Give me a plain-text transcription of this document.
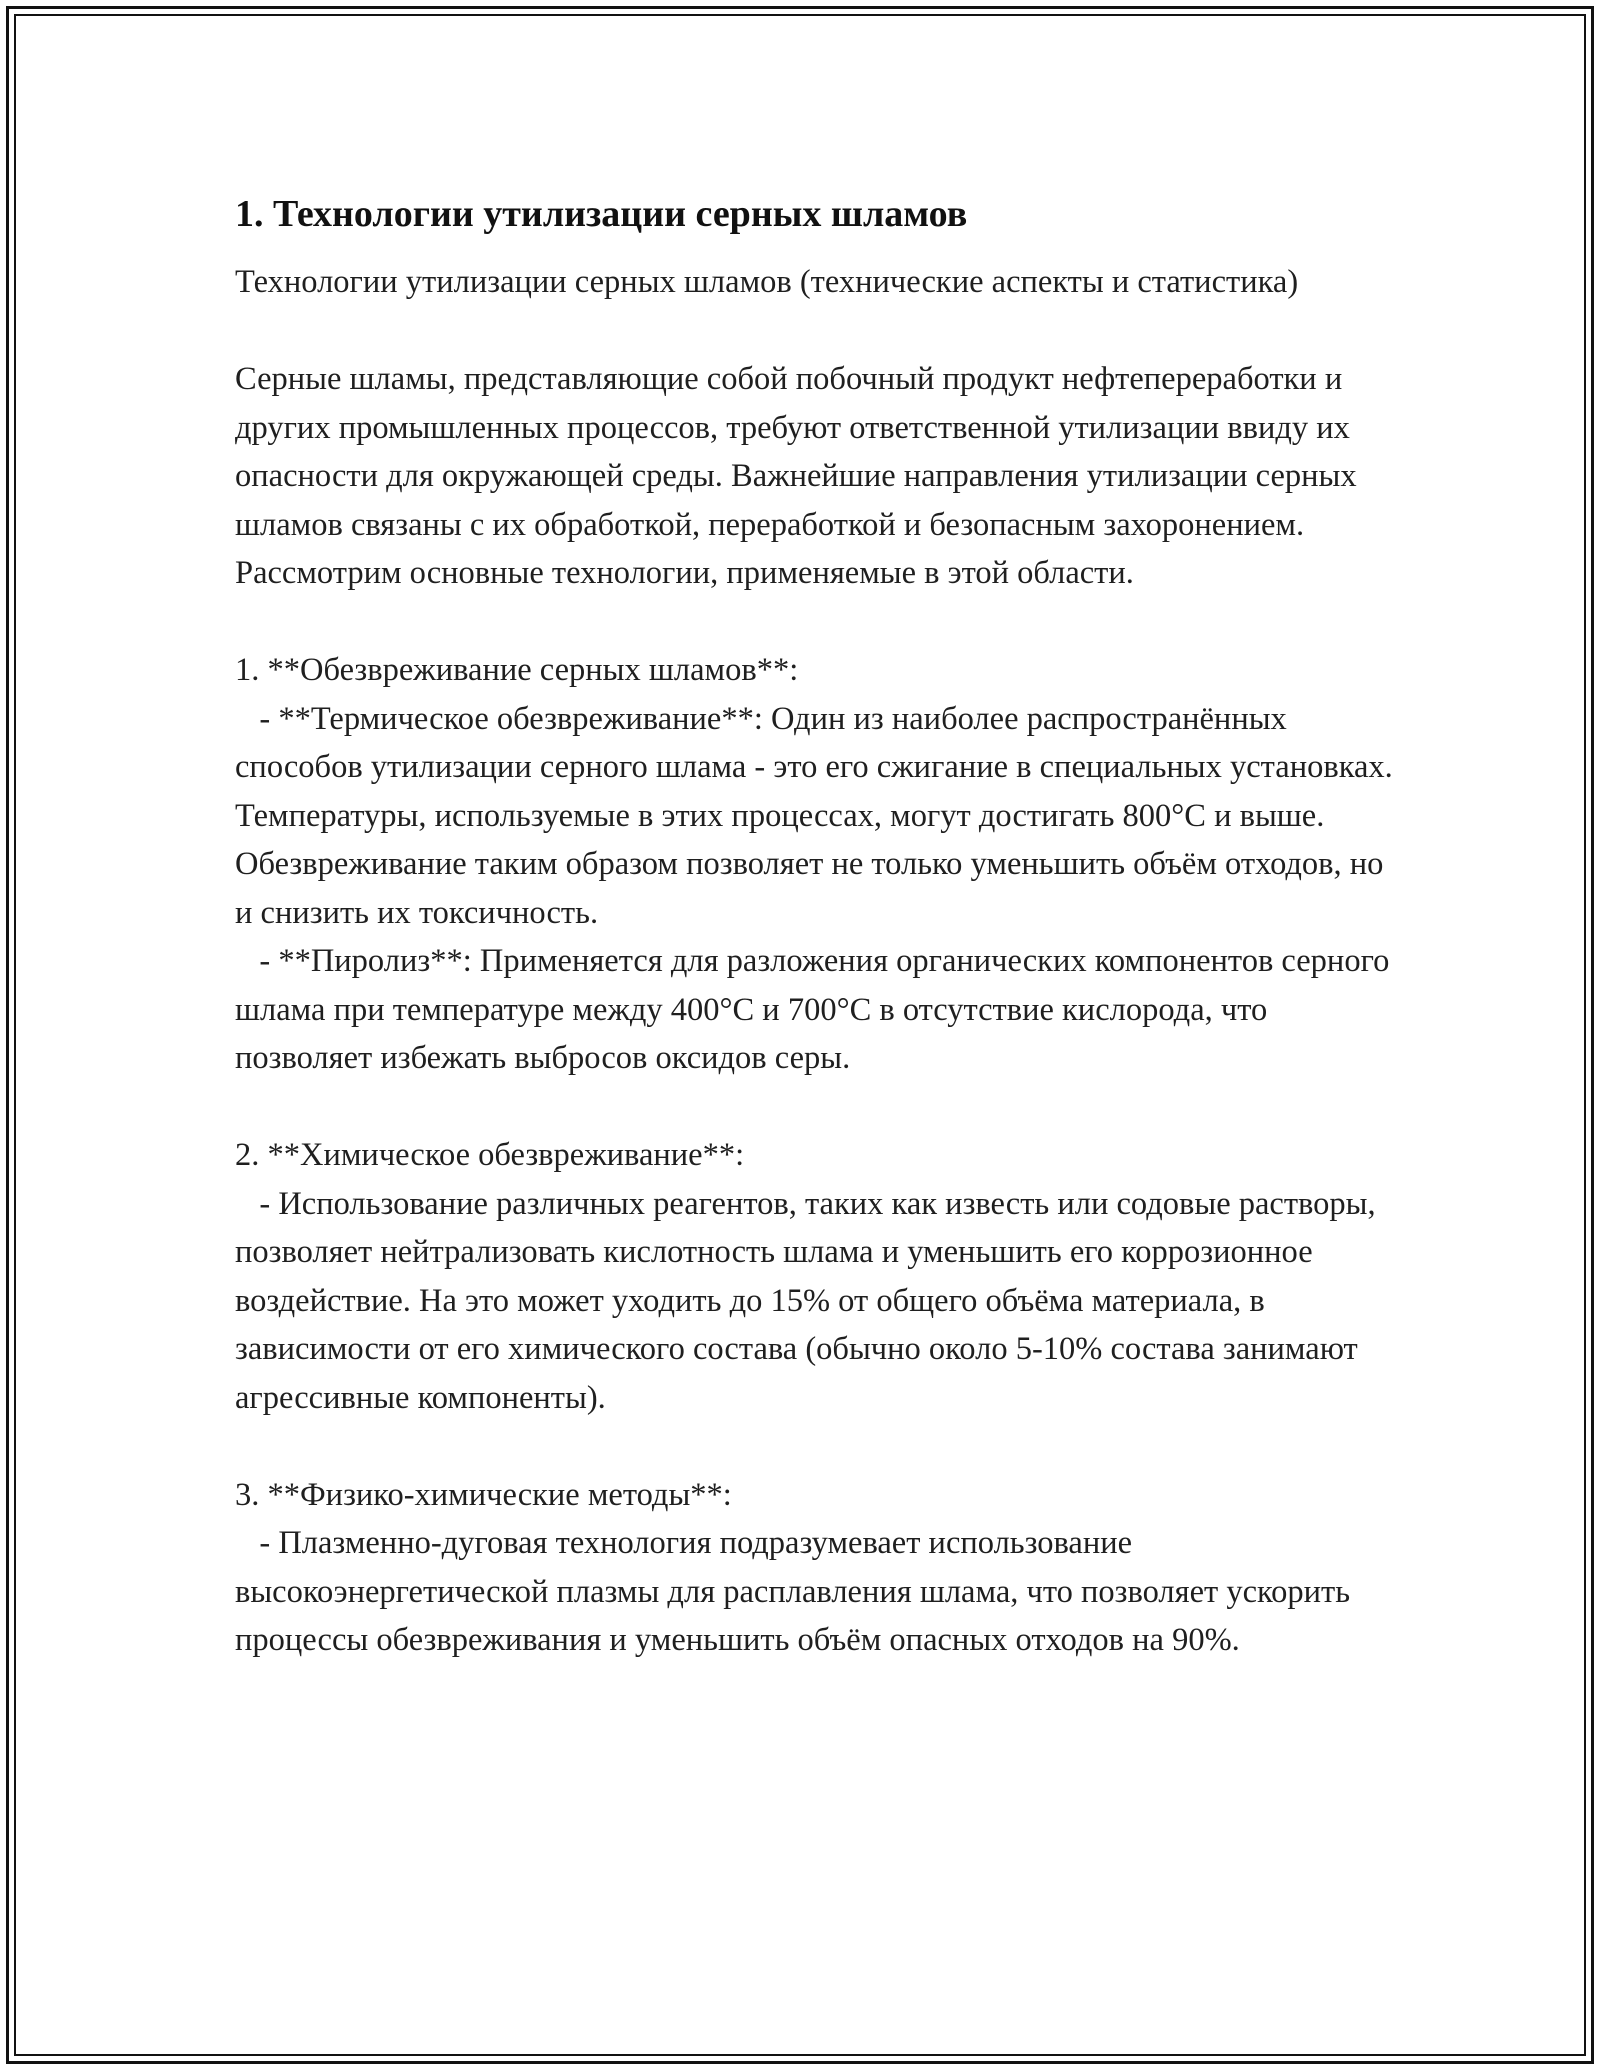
1. Технологии утилизации серных шламов

Технологии утилизации серных шламов (технические аспекты и статистика)

Серные шламы, представляющие собой побочный продукт нефтепереработки и других промышленных процессов, требуют ответственной утилизации ввиду их опасности для окружающей среды. Важнейшие направления утилизации серных шламов связаны с их обработкой, переработкой и безопасным захоронением. Рассмотрим основные технологии, применяемые в этой области.

1. **Обезвреживание серных шламов**:
- **Термическое обезвреживание**: Один из наиболее распространённых способов утилизации серного шлама - это его сжигание в специальных установках. Температуры, используемые в этих процессах, могут достигать 800°C и выше. Обезвреживание таким образом позволяет не только уменьшить объём отходов, но и снизить их токсичность.
- **Пиролиз**: Применяется для разложения органических компонентов серного шлама при температуре между 400°C и 700°C в отсутствие кислорода, что позволяет избежать выбросов оксидов серы.

2. **Химическое обезвреживание**:
- Использование различных реагентов, таких как известь или содовые растворы, позволяет нейтрализовать кислотность шлама и уменьшить его коррозионное воздействие. На это может уходить до 15% от общего объёма материала, в зависимости от его химического состава (обычно около 5-10% состава занимают агрессивные компоненты).

3. **Физико-химические методы**:
- Плазменно-дуговая технология подразумевает использование высокоэнергетической плазмы для расплавления шлама, что позволяет ускорить процессы обезвреживания и уменьшить объём опасных отходов на 90%.
